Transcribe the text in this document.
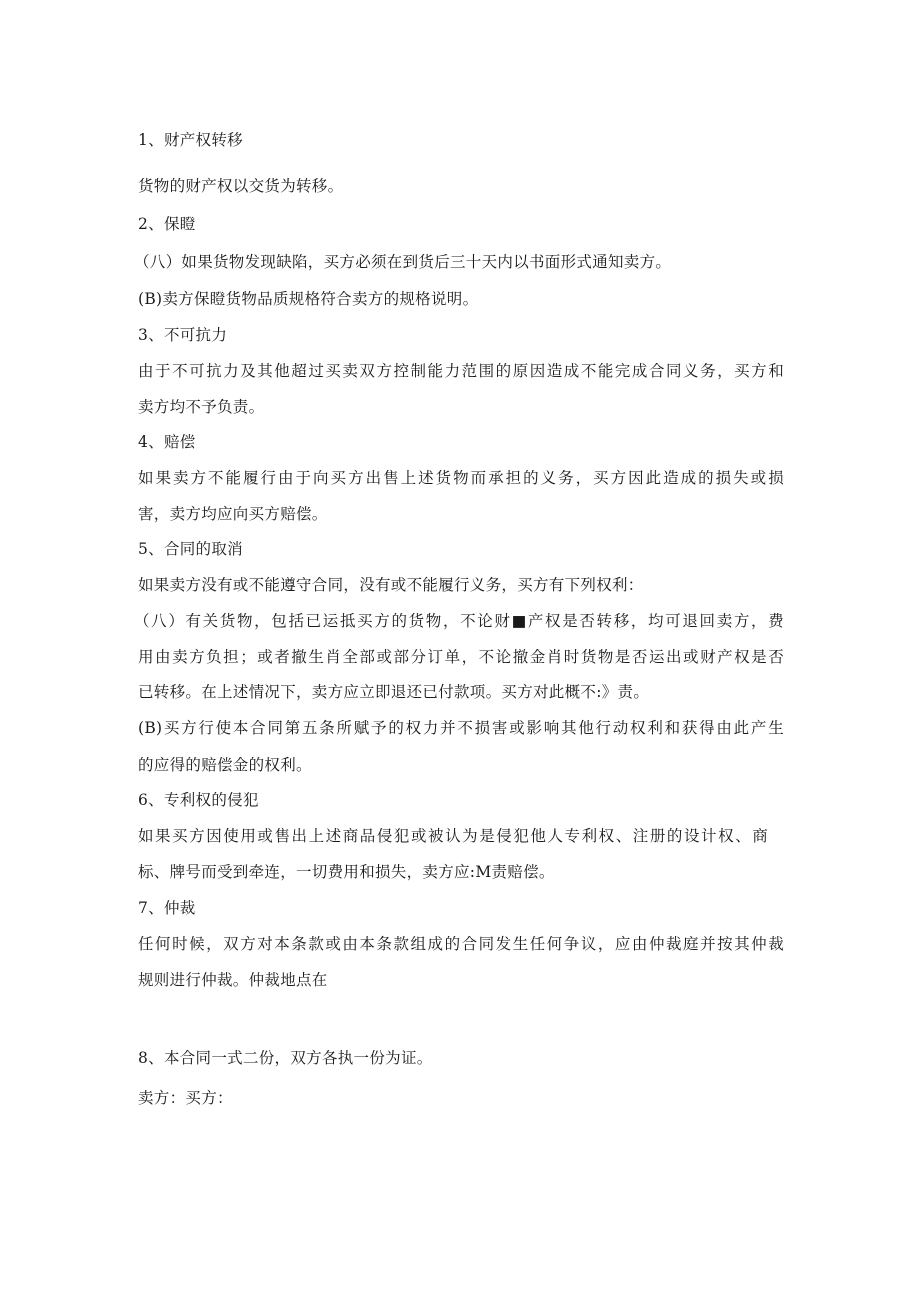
1、财产权转移
货物的财产权以交货为转移。
2、保瞪
（八）如果货物发现缺陷，买方必须在到货后三十天内以书面形式通知卖方。
(B)卖方保瞪货物品质规格符合卖方的规格说明。
3、不可抗力
由于不可抗力及其他超过买卖双方控制能力范围的原因造成不能完成合同义务，买方和
卖方均不予负责。
4、赔偿
如果卖方不能履行由于向买方出售上述货物而承担的义务，买方因此造成的损失或损
害，卖方均应向买方赔偿。
5、合同的取消
如果卖方没有或不能遵守合同，没有或不能履行义务，买方有下列权利：
（八）有关货物，包括已运抵买方的货物，不论财■产权是否转移，均可退回卖方，费
用由卖方负担；或者撤生肖全部或部分订单，不论撤金肖时货物是否运出或财产权是否
已转移。在上述情况下，卖方应立即退还已付款项。买方对此概不:》责。
(B)买方行使本合同第五条所赋予的权力并不损害或影响其他行动权利和获得由此产生
的应得的赔偿金的权利。
6、专利权的侵犯
如果买方因使用或售出上述商品侵犯或被认为是侵犯他人专利权、注册的设计权、商
标、牌号而受到牵连，一切费用和损失，卖方应:M责赔偿。
7、仲裁
任何时候，双方对本条款或由本条款组成的合同发生任何争议，应由仲裁庭并按其仲裁
规则进行仲裁。仲裁地点在
8、本合同一式二份，双方各执一份为证。
卖方：买方：
